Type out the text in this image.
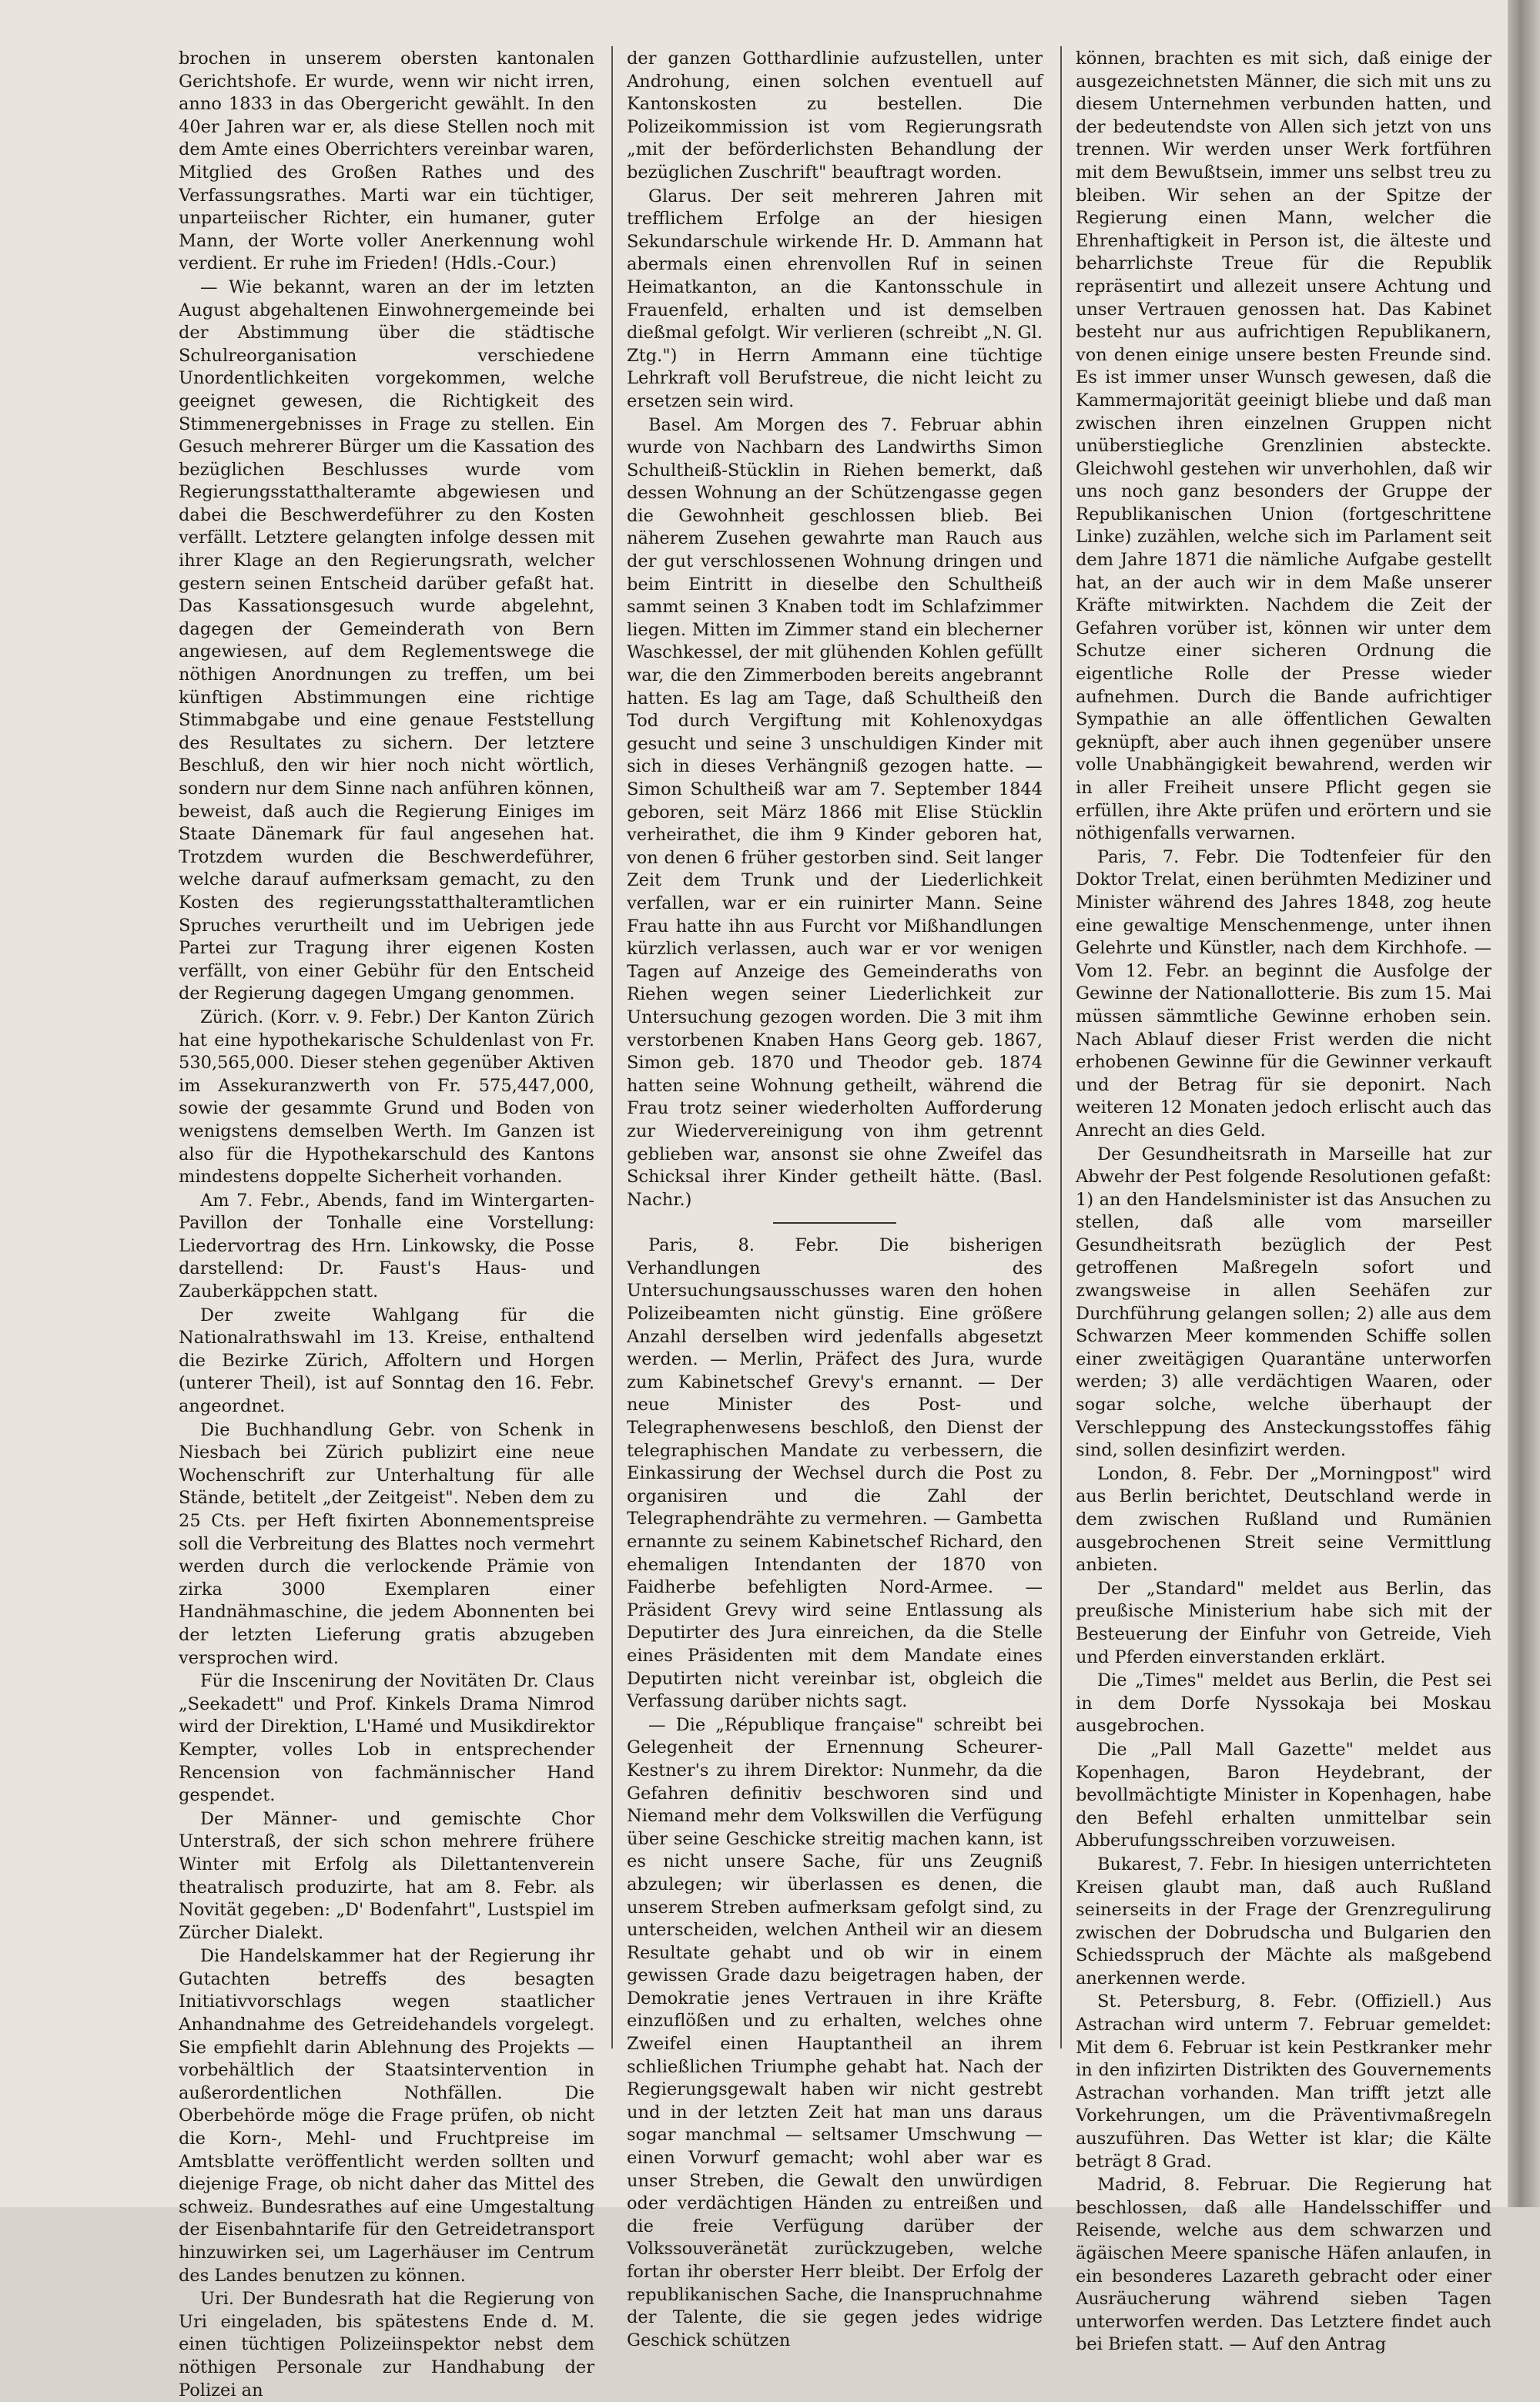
brochen in unserem obersten kantonalen Gerichtshofe. Er wurde, wenn wir nicht irren, anno 1833 in das Obergericht gewählt. In den 40er Jahren war er, als diese Stellen noch mit dem Amte eines Oberrichters vereinbar waren, Mitglied des Großen Rathes und des Verfassungsrathes. Marti war ein tüchtiger, unparteiischer Richter, ein humaner, guter Mann, der Worte voller Anerkennung wohl verdient. Er ruhe im Frieden! (Hdls.-Cour.)

— Wie bekannt, waren an der im letzten August abgehaltenen Einwohnergemeinde bei der Abstimmung über die städtische Schulreorganisation verschiedene Unordentlichkeiten vorgekommen, welche geeignet gewesen, die Richtigkeit des Stimmenergebnisses in Frage zu stellen. Ein Gesuch mehrerer Bürger um die Kassation des bezüglichen Beschlusses wurde vom Regierungsstatthalteramte abgewiesen und dabei die Beschwerdeführer zu den Kosten verfällt. Letztere gelangten infolge dessen mit ihrer Klage an den Regierungsrath, welcher gestern seinen Entscheid darüber gefaßt hat. Das Kassationsgesuch wurde abgelehnt, dagegen der Gemeinderath von Bern angewiesen, auf dem Reglementswege die nöthigen Anordnungen zu treffen, um bei künftigen Abstimmungen eine richtige Stimmabgabe und eine genaue Feststellung des Resultates zu sichern. Der letztere Beschluß, den wir hier noch nicht wörtlich, sondern nur dem Sinne nach anführen können, beweist, daß auch die Regierung Einiges im Staate Dänemark für faul angesehen hat. Trotzdem wurden die Beschwerdeführer, welche darauf aufmerksam gemacht, zu den Kosten des regierungsstatthalteramtlichen Spruches verurtheilt und im Uebrigen jede Partei zur Tragung ihrer eigenen Kosten verfällt, von einer Gebühr für den Entscheid der Regierung dagegen Umgang genommen.

Zürich. (Korr. v. 9. Febr.) Der Kanton Zürich hat eine hypothekarische Schuldenlast von Fr. 530,565,000. Dieser stehen gegenüber Aktiven im Assekuranzwerth von Fr. 575,447,000, sowie der gesammte Grund und Boden von wenigstens demselben Werth. Im Ganzen ist also für die Hypothekarschuld des Kantons mindestens doppelte Sicherheit vorhanden.

Am 7. Febr., Abends, fand im Wintergarten-Pavillon der Tonhalle eine Vorstellung: Liedervortrag des Hrn. Linkowsky, die Posse darstellend: Dr. Faust's Haus- und Zauberkäppchen statt.

Der zweite Wahlgang für die Nationalrathswahl im 13. Kreise, enthaltend die Bezirke Zürich, Affoltern und Horgen (unterer Theil), ist auf Sonntag den 16. Febr. angeordnet.

Die Buchhandlung Gebr. von Schenk in Niesbach bei Zürich publizirt eine neue Wochenschrift zur Unterhaltung für alle Stände, betitelt „der Zeitgeist". Neben dem zu 25 Cts. per Heft fixirten Abonnementspreise soll die Verbreitung des Blattes noch vermehrt werden durch die verlockende Prämie von zirka 3000 Exemplaren einer Handnähmaschine, die jedem Abonnenten bei der letzten Lieferung gratis abzugeben versprochen wird.

Für die Inscenirung der Novitäten Dr. Claus „Seekadett" und Prof. Kinkels Drama Nimrod wird der Direktion, L'Hamé und Musikdirektor Kempter, volles Lob in entsprechender Rencension von fachmännischer Hand gespendet.

Der Männer- und gemischte Chor Unterstraß, der sich schon mehrere frühere Winter mit Erfolg als Dilettantenverein theatralisch produzirte, hat am 8. Febr. als Novität gegeben: „D' Bodenfahrt", Lustspiel im Zürcher Dialekt.

Die Handelskammer hat der Regierung ihr Gutachten betreffs des besagten Initiativvorschlags wegen staatlicher Anhandnahme des Getreidehandels vorgelegt. Sie empfiehlt darin Ablehnung des Projekts — vorbehältlich der Staatsintervention in außerordentlichen Nothfällen. Die Oberbehörde möge die Frage prüfen, ob nicht die Korn-, Mehl- und Fruchtpreise im Amtsblatte veröffentlicht werden sollten und diejenige Frage, ob nicht daher das Mittel des schweiz. Bundesrathes auf eine Umgestaltung der Eisenbahntarife für den Getreidetransport hinzuwirken sei, um Lagerhäuser im Centrum des Landes benutzen zu können.

Uri. Der Bundesrath hat die Regierung von Uri eingeladen, bis spätestens Ende d. M. einen tüchtigen Polizeiinspektor nebst dem nöthigen Personale zur Handhabung der Polizei an

der ganzen Gotthardlinie aufzustellen, unter Androhung, einen solchen eventuell auf Kantonskosten zu bestellen. Die Polizeikommission ist vom Regierungsrath „mit der beförderlichsten Behandlung der bezüglichen Zuschrift" beauftragt worden.

Glarus. Der seit mehreren Jahren mit trefflichem Erfolge an der hiesigen Sekundarschule wirkende Hr. D. Ammann hat abermals einen ehrenvollen Ruf in seinen Heimatkanton, an die Kantonsschule in Frauenfeld, erhalten und ist demselben dießmal gefolgt. Wir verlieren (schreibt „N. Gl. Ztg.") in Herrn Ammann eine tüchtige Lehrkraft voll Berufstreue, die nicht leicht zu ersetzen sein wird.

Basel. Am Morgen des 7. Februar abhin wurde von Nachbarn des Landwirths Simon Schultheiß-Stücklin in Riehen bemerkt, daß dessen Wohnung an der Schützengasse gegen die Gewohnheit geschlossen blieb. Bei näherem Zusehen gewahrte man Rauch aus der gut verschlossenen Wohnung dringen und beim Eintritt in dieselbe den Schultheiß sammt seinen 3 Knaben todt im Schlafzimmer liegen. Mitten im Zimmer stand ein blecherner Waschkessel, der mit glühenden Kohlen gefüllt war, die den Zimmerboden bereits angebrannt hatten. Es lag am Tage, daß Schultheiß den Tod durch Vergiftung mit Kohlenoxydgas gesucht und seine 3 unschuldigen Kinder mit sich in dieses Verhängniß gezogen hatte. — Simon Schultheiß war am 7. September 1844 geboren, seit März 1866 mit Elise Stücklin verheirathet, die ihm 9 Kinder geboren hat, von denen 6 früher gestorben sind. Seit langer Zeit dem Trunk und der Liederlichkeit verfallen, war er ein ruinirter Mann. Seine Frau hatte ihn aus Furcht vor Mißhandlungen kürzlich verlassen, auch war er vor wenigen Tagen auf Anzeige des Gemeinderaths von Riehen wegen seiner Liederlichkeit zur Untersuchung gezogen worden. Die 3 mit ihm verstorbenen Knaben Hans Georg geb. 1867, Simon geb. 1870 und Theodor geb. 1874 hatten seine Wohnung getheilt, während die Frau trotz seiner wiederholten Aufforderung zur Wiedervereinigung von ihm getrennt geblieben war, ansonst sie ohne Zweifel das Schicksal ihrer Kinder getheilt hätte. (Basl. Nachr.)

Paris, 8. Febr. Die bisherigen Verhandlungen des Untersuchungsausschusses waren den hohen Polizeibeamten nicht günstig. Eine größere Anzahl derselben wird jedenfalls abgesetzt werden. — Merlin, Präfect des Jura, wurde zum Kabinetschef Grevy's ernannt. — Der neue Minister des Post- und Telegraphenwesens beschloß, den Dienst der telegraphischen Mandate zu verbessern, die Einkassirung der Wechsel durch die Post zu organisiren und die Zahl der Telegraphendrähte zu vermehren. — Gambetta ernannte zu seinem Kabinetschef Richard, den ehemaligen Intendanten der 1870 von Faidherbe befehligten Nord-Armee. — Präsident Grevy wird seine Entlassung als Deputirter des Jura einreichen, da die Stelle eines Präsidenten mit dem Mandate eines Deputirten nicht vereinbar ist, obgleich die Verfassung darüber nichts sagt.

— Die „République française" schreibt bei Gelegenheit der Ernennung Scheurer-Kestner's zu ihrem Direktor: Nunmehr, da die Gefahren definitiv beschworen sind und Niemand mehr dem Volkswillen die Verfügung über seine Geschicke streitig machen kann, ist es nicht unsere Sache, für uns Zeugniß abzulegen; wir überlassen es denen, die unserem Streben aufmerksam gefolgt sind, zu unterscheiden, welchen Antheil wir an diesem Resultate gehabt und ob wir in einem gewissen Grade dazu beigetragen haben, der Demokratie jenes Vertrauen in ihre Kräfte einzuflößen und zu erhalten, welches ohne Zweifel einen Hauptantheil an ihrem schließlichen Triumphe gehabt hat. Nach der Regierungsgewalt haben wir nicht gestrebt und in der letzten Zeit hat man uns daraus sogar manchmal — seltsamer Umschwung — einen Vorwurf gemacht; wohl aber war es unser Streben, die Gewalt den unwürdigen oder verdächtigen Händen zu entreißen und die freie Verfügung darüber der Volkssouveränetät zurückzugeben, welche fortan ihr oberster Herr bleibt. Der Erfolg der republikanischen Sache, die Inanspruchnahme der Talente, die sie gegen jedes widrige Geschick schützen

können, brachten es mit sich, daß einige der ausgezeichnetsten Männer, die sich mit uns zu diesem Unternehmen verbunden hatten, und der bedeutendste von Allen sich jetzt von uns trennen. Wir werden unser Werk fortführen mit dem Bewußtsein, immer uns selbst treu zu bleiben. Wir sehen an der Spitze der Regierung einen Mann, welcher die Ehrenhaftigkeit in Person ist, die älteste und beharrlichste Treue für die Republik repräsentirt und allezeit unsere Achtung und unser Vertrauen genossen hat. Das Kabinet besteht nur aus aufrichtigen Republikanern, von denen einige unsere besten Freunde sind. Es ist immer unser Wunsch gewesen, daß die Kammermajorität geeinigt bliebe und daß man zwischen ihren einzelnen Gruppen nicht unüberstiegliche Grenzlinien absteckte. Gleichwohl gestehen wir unverhohlen, daß wir uns noch ganz besonders der Gruppe der Republikanischen Union (fortgeschrittene Linke) zuzählen, welche sich im Parlament seit dem Jahre 1871 die nämliche Aufgabe gestellt hat, an der auch wir in dem Maße unserer Kräfte mitwirkten. Nachdem die Zeit der Gefahren vorüber ist, können wir unter dem Schutze einer sicheren Ordnung die eigentliche Rolle der Presse wieder aufnehmen. Durch die Bande aufrichtiger Sympathie an alle öffentlichen Gewalten geknüpft, aber auch ihnen gegenüber unsere volle Unabhängigkeit bewahrend, werden wir in aller Freiheit unsere Pflicht gegen sie erfüllen, ihre Akte prüfen und erörtern und sie nöthigenfalls verwarnen.

Paris, 7. Febr. Die Todtenfeier für den Doktor Trelat, einen berühmten Mediziner und Minister während des Jahres 1848, zog heute eine gewaltige Menschenmenge, unter ihnen Gelehrte und Künstler, nach dem Kirchhofe. — Vom 12. Febr. an beginnt die Ausfolge der Gewinne der Nationallotterie. Bis zum 15. Mai müssen sämmtliche Gewinne erhoben sein. Nach Ablauf dieser Frist werden die nicht erhobenen Gewinne für die Gewinner verkauft und der Betrag für sie deponirt. Nach weiteren 12 Monaten jedoch erlischt auch das Anrecht an dies Geld.

Der Gesundheitsrath in Marseille hat zur Abwehr der Pest folgende Resolutionen gefaßt: 1) an den Handelsminister ist das Ansuchen zu stellen, daß alle vom marseiller Gesundheitsrath bezüglich der Pest getroffenen Maßregeln sofort und zwangsweise in allen Seehäfen zur Durchführung gelangen sollen; 2) alle aus dem Schwarzen Meer kommenden Schiffe sollen einer zweitägigen Quarantäne unterworfen werden; 3) alle verdächtigen Waaren, oder sogar solche, welche überhaupt der Verschleppung des Ansteckungsstoffes fähig sind, sollen desinfizirt werden.

London, 8. Febr. Der „Morningpost" wird aus Berlin berichtet, Deutschland werde in dem zwischen Rußland und Rumänien ausgebrochenen Streit seine Vermittlung anbieten.

Der „Standard" meldet aus Berlin, das preußische Ministerium habe sich mit der Besteuerung der Einfuhr von Getreide, Vieh und Pferden einverstanden erklärt.

Die „Times" meldet aus Berlin, die Pest sei in dem Dorfe Nyssokaja bei Moskau ausgebrochen.

Die „Pall Mall Gazette" meldet aus Kopenhagen, Baron Heydebrant, der bevollmächtigte Minister in Kopenhagen, habe den Befehl erhalten unmittelbar sein Abberufungsschreiben vorzuweisen.

Bukarest, 7. Febr. In hiesigen unterrichteten Kreisen glaubt man, daß auch Rußland seinerseits in der Frage der Grenzregulirung zwischen der Dobrudscha und Bulgarien den Schiedsspruch der Mächte als maßgebend anerkennen werde.

St. Petersburg, 8. Febr. (Offiziell.) Aus Astrachan wird unterm 7. Februar gemeldet: Mit dem 6. Februar ist kein Pestkranker mehr in den infizirten Distrikten des Gouvernements Astrachan vorhanden. Man trifft jetzt alle Vorkehrungen, um die Präventivmaßregeln auszuführen. Das Wetter ist klar; die Kälte beträgt 8 Grad.

Madrid, 8. Februar. Die Regierung hat beschlossen, daß alle Handelsschiffer und Reisende, welche aus dem schwarzen und ägäischen Meere spanische Häfen anlaufen, in ein besonderes Lazareth gebracht oder einer Ausräucherung während sieben Tagen unterworfen werden. Das Letztere findet auch bei Briefen statt. — Auf den Antrag
